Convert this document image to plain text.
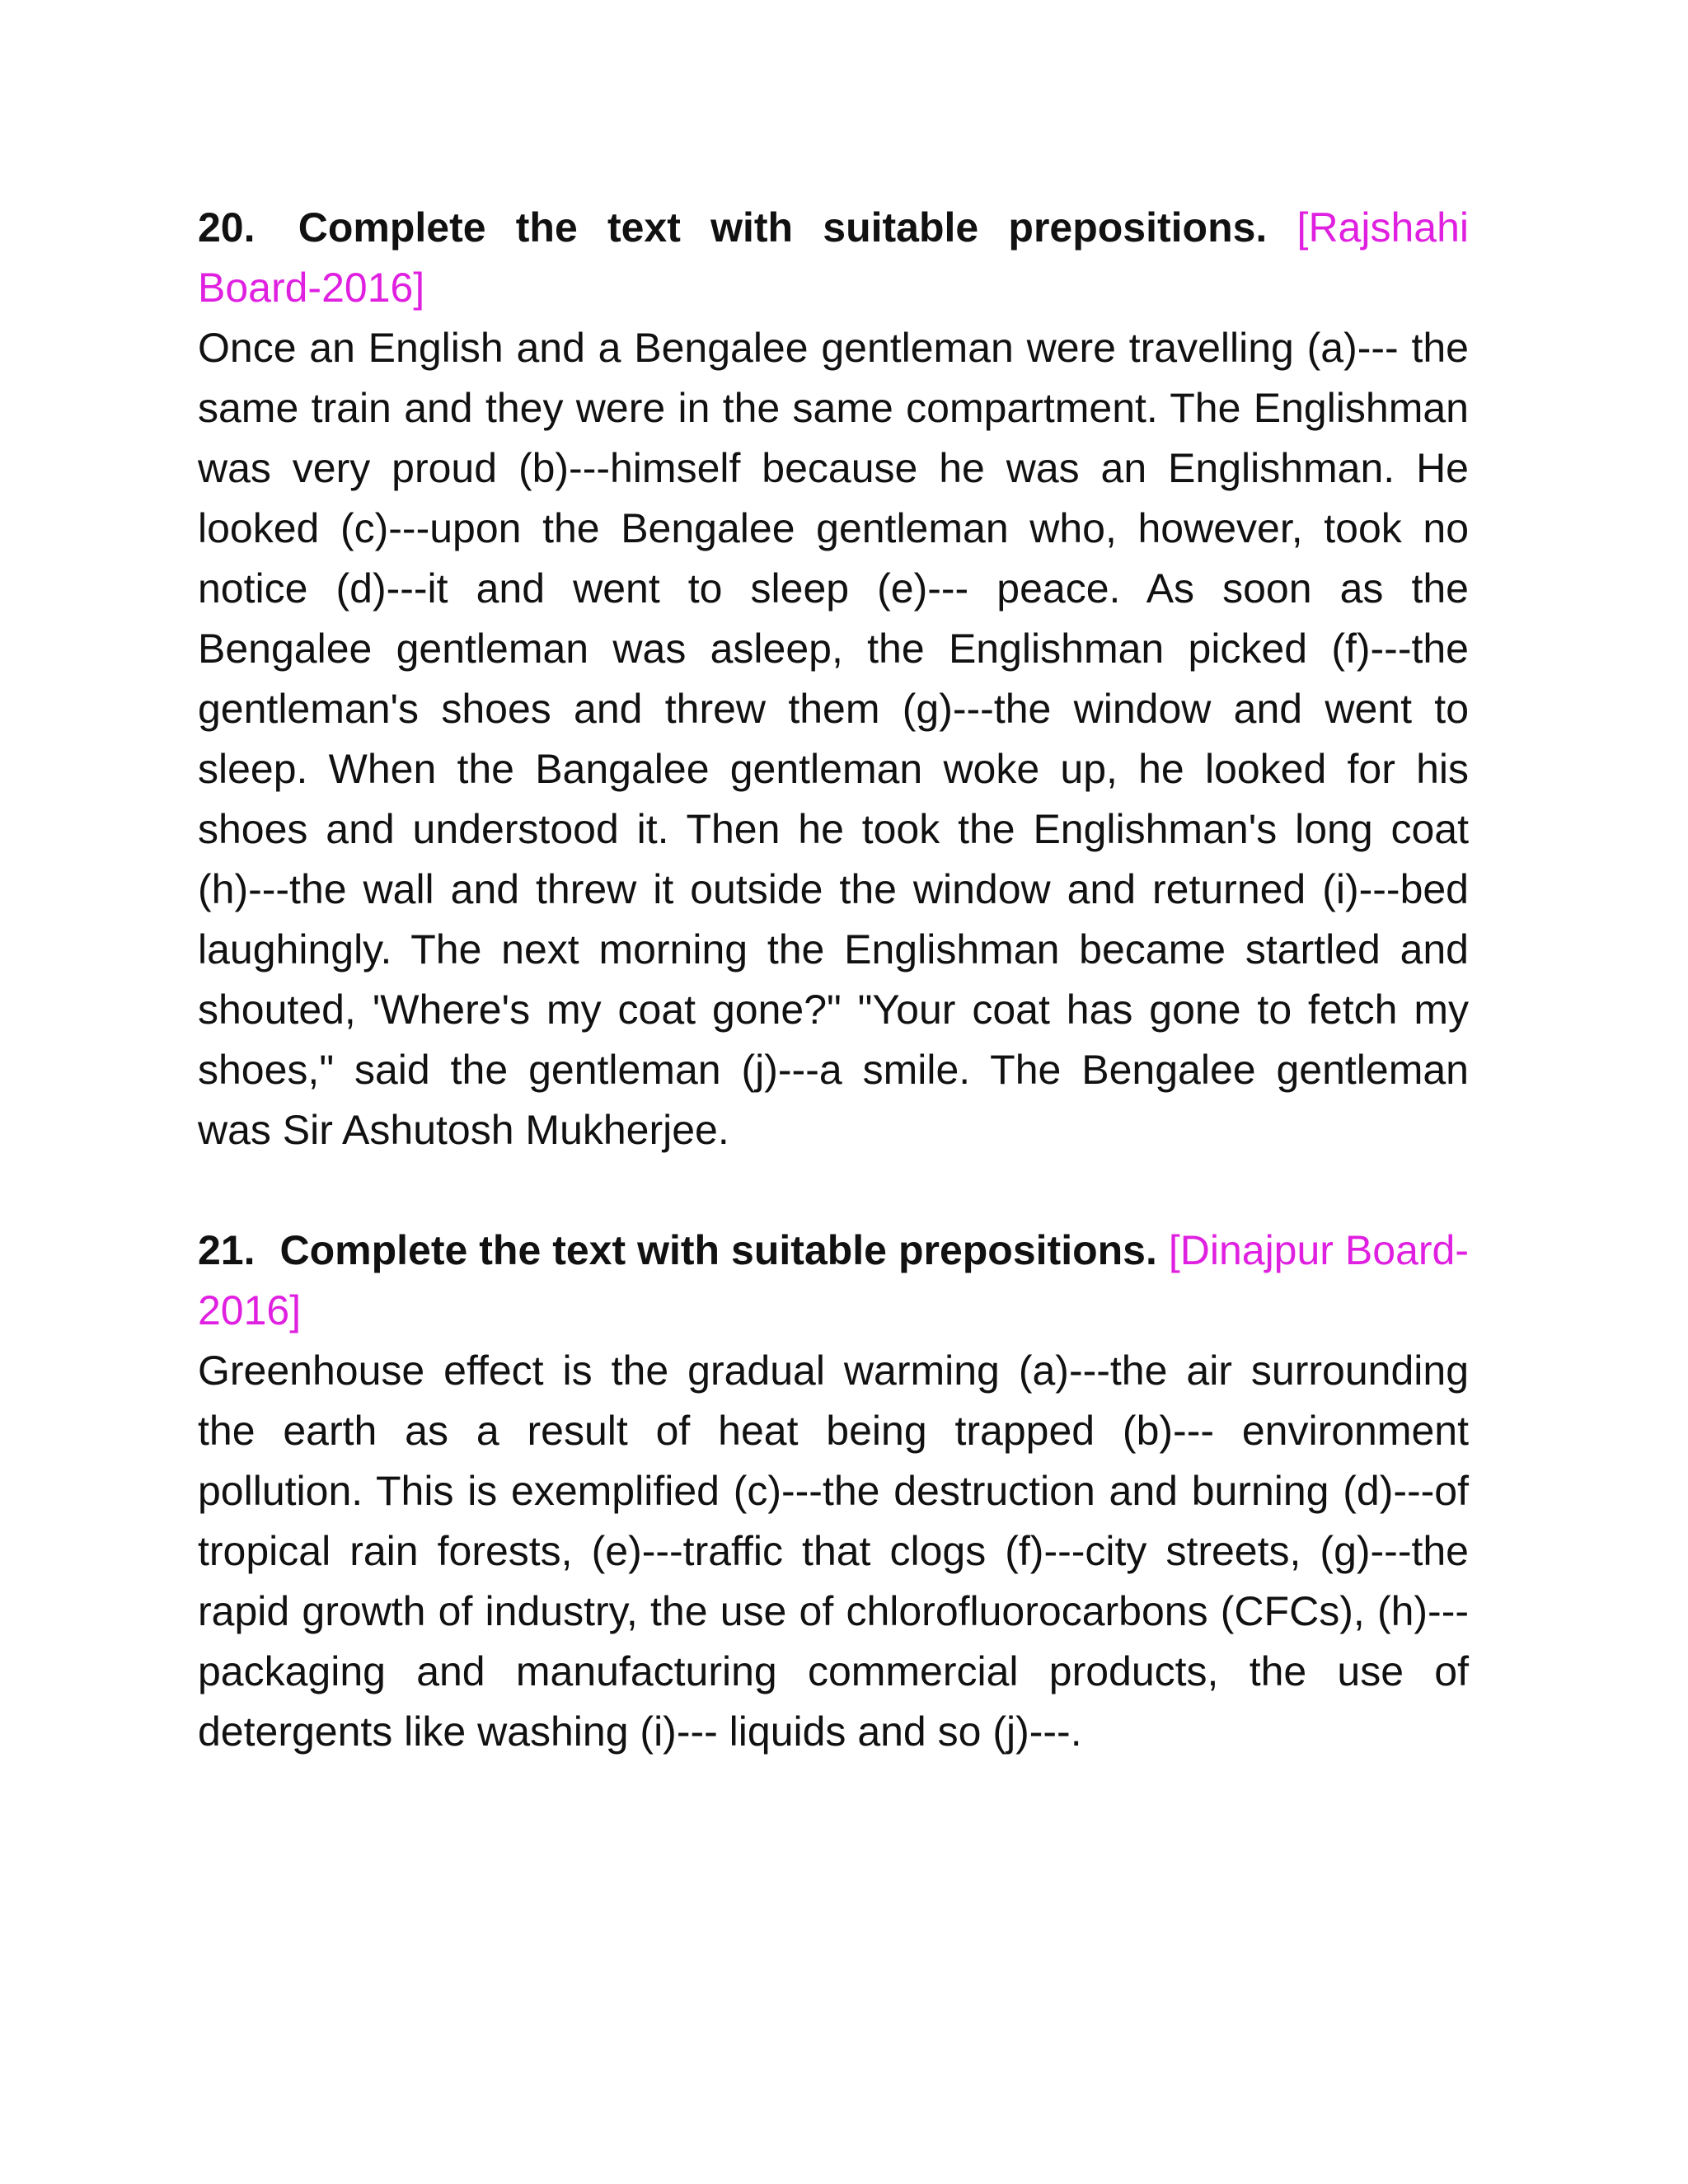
20. Complete the text with suitable prepositions. [Rajshahi Board-2016]

Once an English and a Bengalee gentleman were travelling (a)--- the same train and they were in the same compartment. The Englishman was very proud (b)---himself because he was an Englishman. He looked (c)---upon the Bengalee gentleman who, however, took no notice (d)---it and went to sleep (e)--- peace. As soon as the Bengalee gentleman was asleep, the Englishman picked (f)---the gentleman's shoes and threw them (g)---the window and went to sleep. When the Bangalee gentleman woke up, he looked for his shoes and understood it. Then he took the Englishman's long coat (h)---the wall and threw it outside the window and returned (i)---bed laughingly. The next morning the Englishman became startled and shouted, 'Where's my coat gone?" "Your coat has gone to fetch my shoes," said the gentleman (j)---a smile. The Bengalee gentleman was Sir Ashutosh Mukherjee.

21. Complete the text with suitable prepositions. [Dinajpur Board-2016]

Greenhouse effect is the gradual warming (a)---the air surrounding the earth as a result of heat being trapped (b)--- environment pollution. This is exemplified (c)---the destruction and burning (d)---of tropical rain forests, (e)---traffic that clogs (f)---city streets, (g)---the rapid growth of industry, the use of chlorofluorocarbons (CFCs), (h)--- packaging and manufacturing commercial products, the use of detergents like washing (i)--- liquids and so (j)---.
